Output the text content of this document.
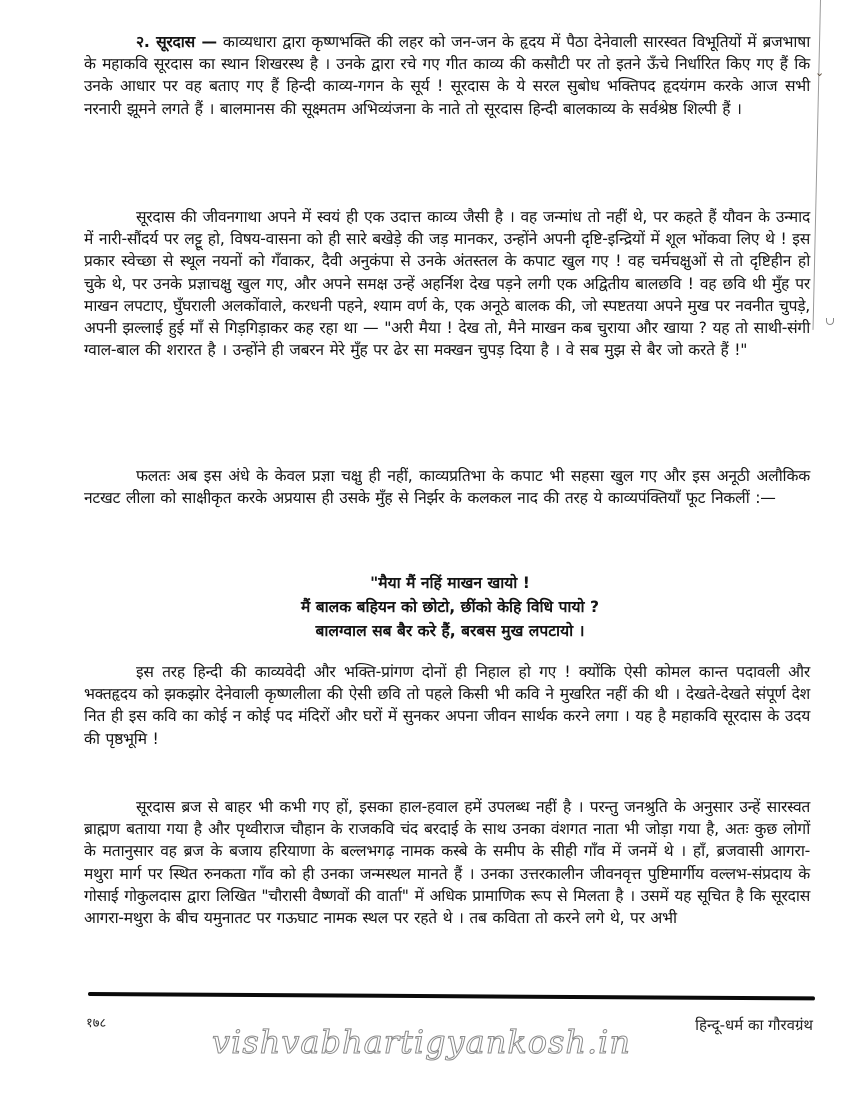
⌄

२. सूरदास — काव्यधारा द्वारा कृष्णभक्ति की लहर को जन-जन के हृदय में पैठा देनेवाली सारस्वत विभूतियों में ब्रजभाषा के महाकवि सूरदास का स्थान शिखरस्थ है । उनके द्वारा रचे गए गीत काव्य की कसौटी पर तो इतने ऊँचे निर्धारित किए गए हैं कि उनके आधार पर वह बताए गए हैं हिन्दी काव्य-गगन के सूर्य ! सूरदास के ये सरल सुबोध भक्तिपद हृदयंगम करके आज सभी नरनारी झूमने लगते हैं । बालमानस की सूक्ष्मतम अभिव्यंजना के नाते तो सूरदास हिन्दी बालकाव्य के सर्वश्रेष्ठ शिल्पी हैं ।

सूरदास की जीवनगाथा अपने में स्वयं ही एक उदात्त काव्य जैसी है । वह जन्मांध तो नहीं थे, पर कहते हैं यौवन के उन्माद में नारी-सौंदर्य पर लट्टू हो, विषय-वासना को ही सारे बखेड़े की जड़ मानकर, उन्होंने अपनी दृष्टि-इन्द्रियों में शूल भोंकवा लिए थे ! इस प्रकार स्वेच्छा से स्थूल नयनों को गँवाकर, दैवी अनुकंपा से उनके अंतस्तल के कपाट खुल गए ! वह चर्मचक्षुओं से तो दृष्टिहीन हो चुके थे, पर उनके प्रज्ञाचक्षु खुल गए, और अपने समक्ष उन्हें अहर्निश देख पड़ने लगी एक अद्वितीय बालछवि ! वह छवि थी मुँह पर माखन लपटाए, घुँघराली अलकोंवाले, करधनी पहने, श्याम वर्ण के, एक अनूठे बालक की, जो स्पष्टतया अपने मुख पर नवनीत चुपड़े, अपनी झल्लाई हुई माँ से गिड़गिड़ाकर कह रहा था — "अरी मैया ! देख तो, मैने माखन कब चुराया और खाया ? यह तो साथी-संगी ग्वाल-बाल की शरारत है । उन्होंने ही जबरन मेरे मुँह पर ढेर सा मक्खन चुपड़ दिया है । वे सब मुझ से बैर जो करते हैं !"

फलतः अब इस अंधे के केवल प्रज्ञा चक्षु ही नहीं, काव्यप्रतिभा के कपाट भी सहसा खुल गए और इस अनूठी अलौकिक नटखट लीला को साक्षीकृत करके अप्रयास ही उसके मुँह से निर्झर के कलकल नाद की तरह ये काव्यपंक्तियाँ फूट निकलीं :—

"मैया मैं नहिं माखन खायो !
मैं बालक बहियन को छोटो, छींको केहि विधि पायो ?
बालग्वाल सब बैर करे हैं, बरबस मुख लपटायो ।

इस तरह हिन्दी की काव्यवेदी और भक्ति-प्रांगण दोनों ही निहाल हो गए ! क्योंकि ऐसी कोमल कान्त पदावली और भक्तहृदय को झकझोर देनेवाली कृष्णलीला की ऐसी छवि तो पहले किसी भी कवि ने मुखरित नहीं की थी । देखते-देखते संपूर्ण देश नित ही इस कवि का कोई न कोई पद मंदिरों और घरों में सुनकर अपना जीवन सार्थक करने लगा । यह है महाकवि सूरदास के उदय की पृष्ठभूमि !

सूरदास ब्रज से बाहर भी कभी गए हों, इसका हाल-हवाल हमें उपलब्ध नहीं है । परन्तु जनश्रुति के अनुसार उन्हें सारस्वत ब्राह्मण बताया गया है और पृथ्वीराज चौहान के राजकवि चंद बरदाई के साथ उनका वंशगत नाता भी जोड़ा गया है, अतः कुछ लोगों के मतानुसार वह ब्रज के बजाय हरियाणा के बल्लभगढ़ नामक कस्बे के समीप के सीही गाँव में जनमें थे । हाँ, ब्रजवासी आगरा-मथुरा मार्ग पर स्थित रुनकता गाँव को ही उनका जन्मस्थल मानते हैं । उनका उत्तरकालीन जीवनवृत्त पुष्टिमार्गीय वल्लभ-संप्रदाय के गोसाई गोकुलदास द्वारा लिखित "चौरासी वैष्णवों की वार्ता" में अधिक प्रामाणिक रूप से मिलता है । उसमें यह सूचित है कि सूरदास आगरा-मथुरा के बीच यमुनातट पर गऊघाट नामक स्थल पर रहते थे । तब कविता तो करने लगे थे, पर अभी

१७८	vishvabhartigyankosh.in	हिन्दू-धर्म का गौरवग्रंथ
